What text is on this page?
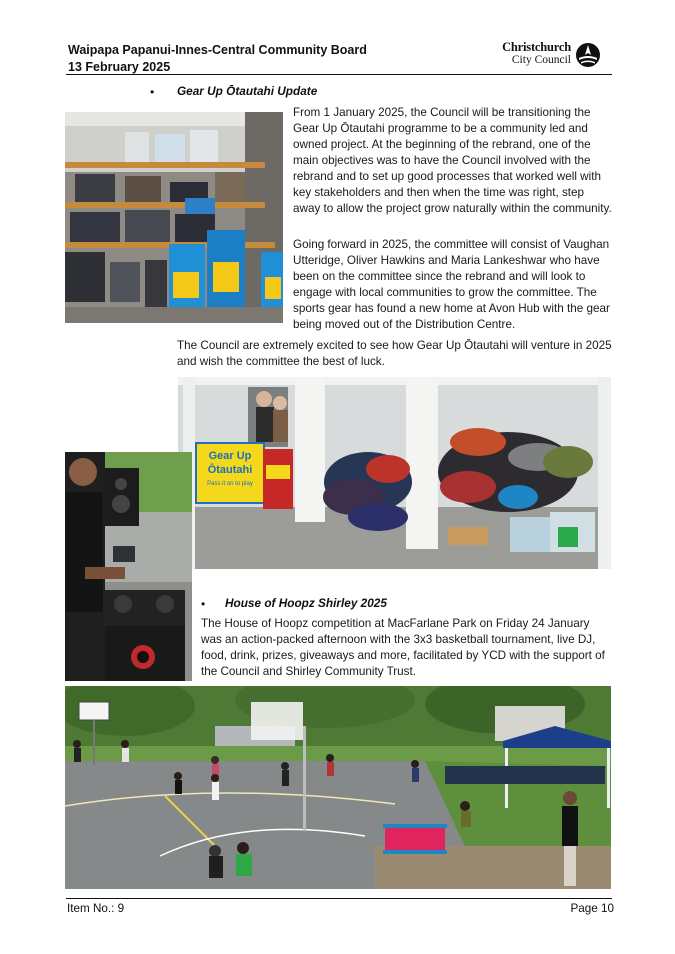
Waipapa Papanui-Innes-Central Community Board
13 February 2025
Christchurch
City Council
• Gear Up Ōtautahi Update
From 1 January 2025, the Council will be transitioning the Gear Up Ōtautahi programme to be a community led and owned project. At the beginning of the rebrand, one of the main objectives was to have the Council involved with the rebrand and to set up good processes that worked well with key stakeholders and then when the time was right, step away to allow the project grow naturally within the community.
Going forward in 2025, the committee will consist of Vaughan Utteridge, Oliver Hawkins and Maria Lankeshwar who have been on the committee since the rebrand and will look to engage with local communities to grow the committee. The sports gear has found a new home at Avon Hub with the gear being moved out of the Distribution Centre.
The Council are extremely excited to see how Gear Up Ōtautahi will venture in 2025 and wish the committee the best of luck.
Gear Up
Ōtautahi
Pass it on to play
• House of Hoopz Shirley 2025
The House of Hoopz competition at MacFarlane Park on Friday 24 January was an action-packed afternoon with the 3x3 basketball tournament, live DJ, food, drink, prizes, giveaways and more, facilitated by YCD with the support of the Council and Shirley Community Trust.
Item No.: 9	Page 10
